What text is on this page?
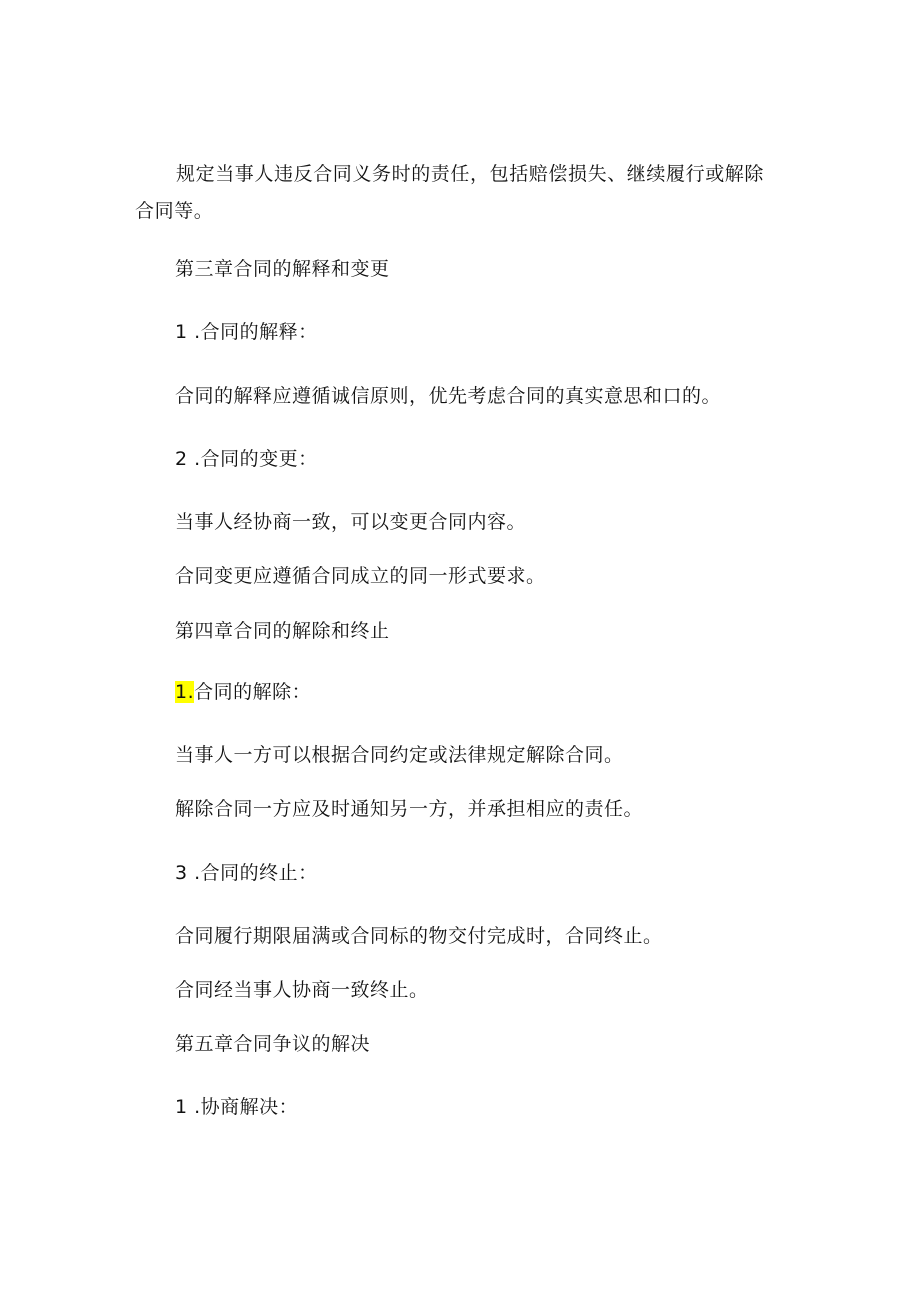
规定当事人违反合同义务时的责任，包括赔偿损失、继续履行或解除合同等。
第三章合同的解释和变更
1 .合同的解释：
合同的解释应遵循诚信原则，优先考虑合同的真实意思和口的。
2 .合同的变更：
当事人经协商一致，可以变更合同内容。
合同变更应遵循合同成立的同一形式要求。
第四章合同的解除和终止
1.合同的解除：
当事人一方可以根据合同约定或法律规定解除合同。
解除合同一方应及时通知另一方，并承担相应的责任。
3 .合同的终止：
合同履行期限届满或合同标的物交付完成时，合同终止。
合同经当事人协商一致终止。
第五章合同争议的解决
1 .协商解决：
